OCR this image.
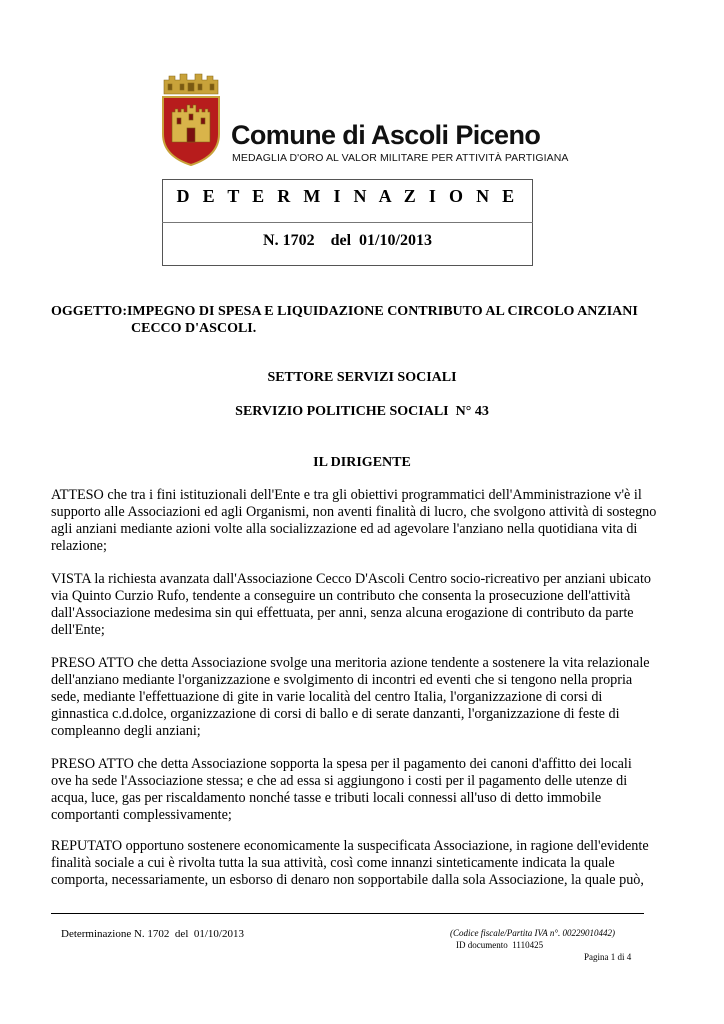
Comune di Ascoli Piceno
MEDAGLIA D'ORO AL VALOR MILITARE PER ATTIVITÀ PARTIGIANA
D E T E R M I N A Z I O N E
N. 1702    del  01/10/2013
OGGETTO:IMPEGNO DI SPESA E LIQUIDAZIONE CONTRIBUTO AL CIRCOLO ANZIANI
CECCO D'ASCOLI.
SETTORE SERVIZI SOCIALI
SERVIZIO POLITICHE SOCIALI  N° 43
IL DIRIGENTE
ATTESO che tra i fini istituzionali dell'Ente e tra gli obiettivi programmatici dell'Amministrazione v'è il
supporto alle Associazioni ed agli Organismi, non aventi finalità di lucro, che svolgono attività di sostegno
agli anziani mediante azioni volte alla socializzazione ed ad agevolare l'anziano nella quotidiana vita di
relazione;
VISTA la richiesta avanzata dall'Associazione Cecco D'Ascoli Centro socio-ricreativo per anziani ubicato
via Quinto Curzio Rufo, tendente a conseguire un contributo che consenta la prosecuzione dell'attività
dall'Associazione medesima sin qui effettuata, per anni, senza alcuna erogazione di contributo da parte
dell'Ente;
PRESO ATTO che detta Associazione svolge una meritoria azione tendente a sostenere la vita relazionale
dell'anziano mediante l'organizzazione e svolgimento di incontri ed eventi che si tengono nella propria
sede, mediante l'effettuazione di gite in varie località del centro Italia, l'organizzazione di corsi di
ginnastica c.d.dolce, organizzazione di corsi di ballo e di serate danzanti, l'organizzazione di feste di
compleanno degli anziani;
PRESO ATTO che detta Associazione sopporta la spesa per il pagamento dei canoni d'affitto dei locali
ove ha sede l'Associazione stessa; e che ad essa si aggiungono i costi per il pagamento delle utenze di
acqua, luce, gas per riscaldamento nonché tasse e tributi locali connessi all'uso di detto immobile
comportanti complessivamente;
REPUTATO opportuno sostenere economicamente la suspecificata Associazione, in ragione dell'evidente
finalità sociale a cui è rivolta tutta la sua attività, così come innanzi sinteticamente indicata la quale
comporta, necessariamente, un esborso di denaro non sopportabile dalla sola Associazione, la quale può,
Determinazione N. 1702  del  01/10/2013	(Codice fiscale/Partita IVA n°. 00229010442)
ID documento  1110425
Pagina 1 di 4
